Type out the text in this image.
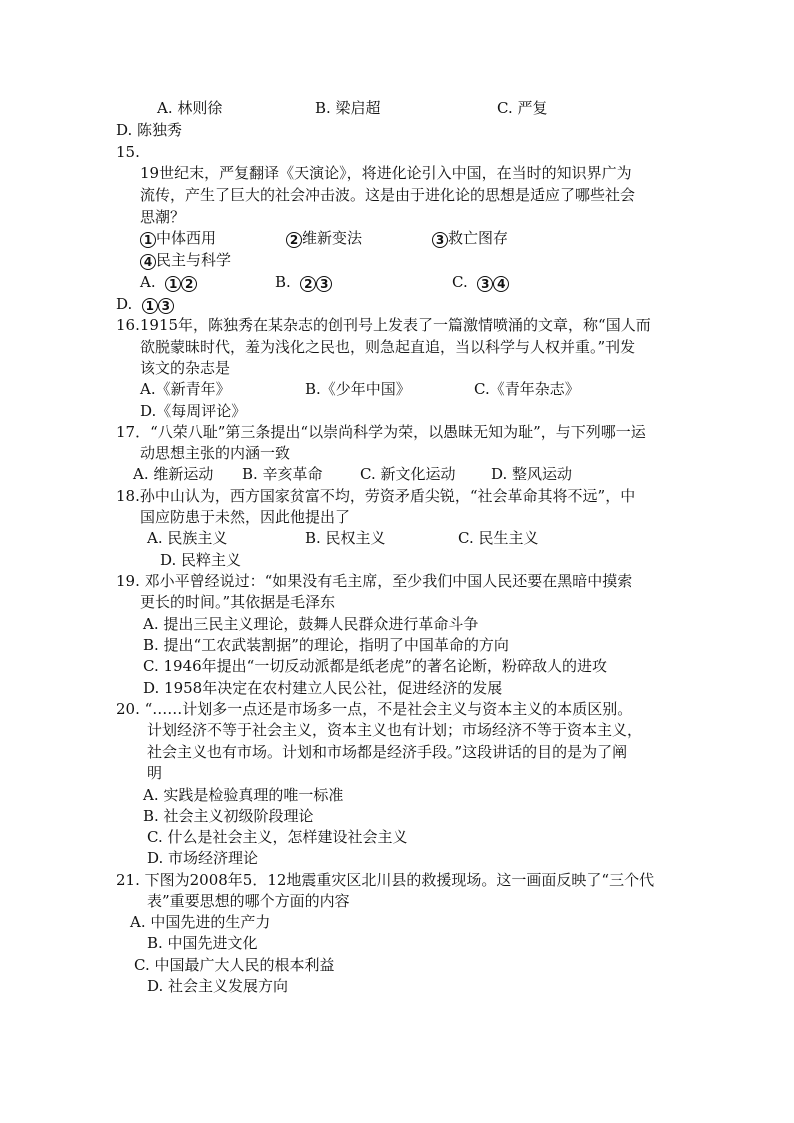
A. 林则徐	B. 梁启超	C. 严复
D. 陈独秀
15.
19世纪末，严复翻译《天演论》，将进化论引入中国，在当时的知识界广为
流传，产生了巨大的社会冲击波。这是由于进化论的思想是适应了哪些社会
思潮？
1 中体西用	2 维新变法	3 救亡图存
4 民主与科学
A. 1 2	B. 2 3	C. 3 4
D. 1 3
16.1915年，陈独秀在某杂志的创刊号上发表了一篇激情喷涌的文章，称“国人而
欲脱蒙昧时代，羞为浅化之民也，则急起直追，当以科学与人权并重。”刊发
该文的杂志是
A.《新青年》	B.《少年中国》	C.《青年杂志》
D.《每周评论》
17．“八荣八耻”第三条提出“以崇尚科学为荣，以愚昧无知为耻”，与下列哪一运
动思想主张的内涵一致
A. 维新运动 B. 辛亥革命 C. 新文化运动 D. 整风运动
18.孙中山认为，西方国家贫富不均，劳资矛盾尖锐，“社会革命其将不远”，中
国应防患于未然，因此他提出了
A. 民族主义	B. 民权主义	C. 民生主义
D. 民粹主义
19. 邓小平曾经说过：“如果没有毛主席，至少我们中国人民还要在黑暗中摸索
更长的时间。”其依据是毛泽东
A. 提出三民主义理论，鼓舞人民群众进行革命斗争
B. 提出“工农武装割据”的理论，指明了中国革命的方向
C. 1946年提出“一切反动派都是纸老虎”的著名论断，粉碎敌人的进攻
D. 1958年决定在农村建立人民公社，促进经济的发展
20. “……计划多一点还是市场多一点，不是社会主义与资本主义的本质区别。
计划经济不等于社会主义，资本主义也有计划；市场经济不等于资本主义，
社会主义也有市场。计划和市场都是经济手段。”这段讲话的目的是为了阐
明
A. 实践是检验真理的唯一标准
B. 社会主义初级阶段理论
C. 什么是社会主义，怎样建设社会主义
D. 市场经济理论
21. 下图为2008年5．12地震重灾区北川县的救援现场。这一画面反映了“三个代
表”重要思想的哪个方面的内容
A. 中国先进的生产力
B. 中国先进文化
C. 中国最广大人民的根本利益
D. 社会主义发展方向
